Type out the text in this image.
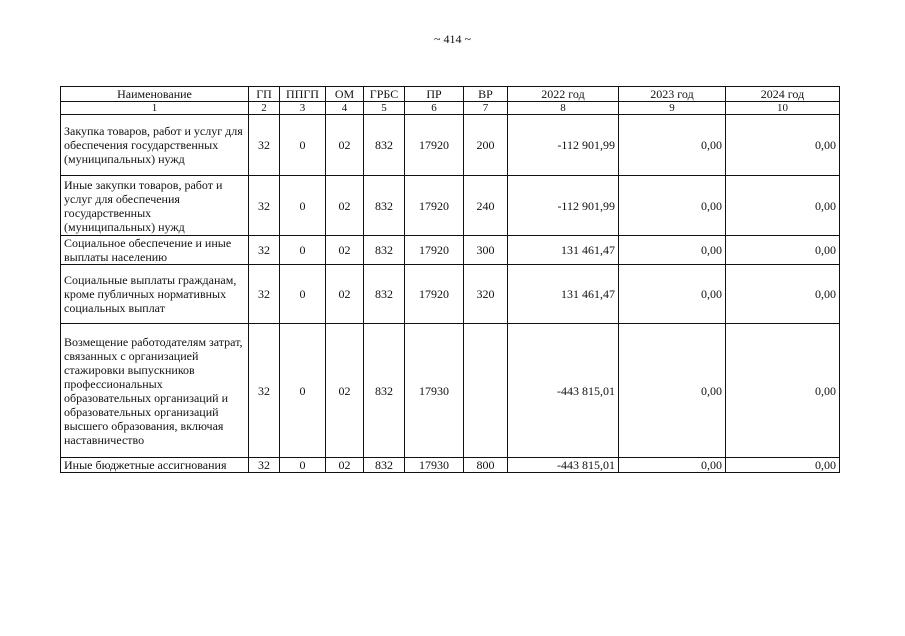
~ 414 ~
Наименование	ГП	ППГП	ОМ	ГРБС	ПР	ВР	2022 год	2023 год	2024 год
1	2	3	4	5	6	7	8	9	10
Закупка товаров, работ и услуг для обеспечения государственных (муниципальных) нужд	32	0	02	832	17920	200	-112 901,99	0,00	0,00
Иные закупки товаров, работ и услуг для обеспечения государственных (муниципальных) нужд	32	0	02	832	17920	240	-112 901,99	0,00	0,00
Социальное обеспечение и иные выплаты населению	32	0	02	832	17920	300	131 461,47	0,00	0,00
Социальные выплаты гражданам, кроме публичных нормативных социальных выплат	32	0	02	832	17920	320	131 461,47	0,00	0,00
Возмещение работодателям затрат, связанных с организацией стажировки выпускников профессиональных образовательных организаций и образовательных организаций высшего образования, включая наставничество	32	0	02	832	17930		-443 815,01	0,00	0,00
Иные бюджетные ассигнования	32	0	02	832	17930	800	-443 815,01	0,00	0,00
